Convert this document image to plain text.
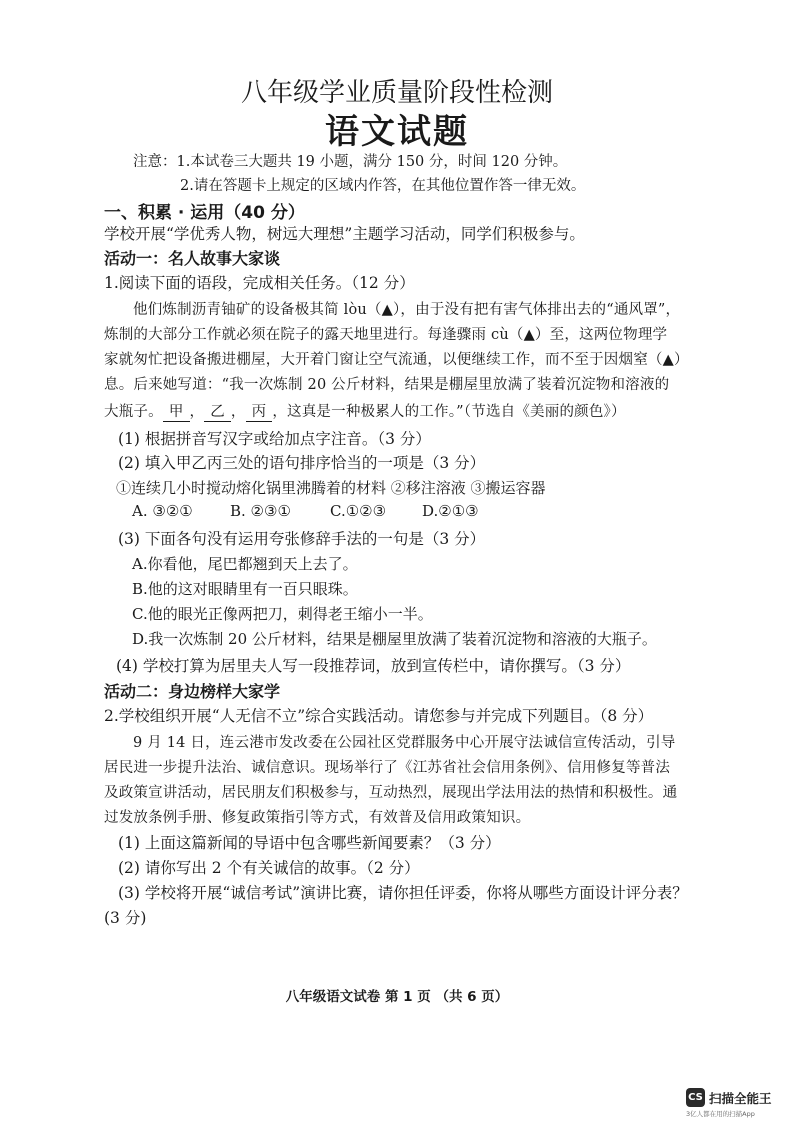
八年级学业质量阶段性检测
语文试题
注意：1.本试卷三大题共 19 小题，满分 150 分，时间 120 分钟。
2.请在答题卡上规定的区域内作答，在其他位置作答一律无效。
一、积累 · 运用（40 分）
学校开展“学优秀人物，树远大理想”主题学习活动，同学们积极参与。
活动一：名人故事大家谈
1.阅读下面的语段，完成相关任务。（12 分）
他们炼制沥青铀矿的设备极其简 lòu（▲），由于没有把有害气体排出去的“通风罩”，
炼制的大部分工作就必须在院子的露天地里进行。每逢骤雨 cù（▲）至，这两位物理学
家就匆忙把设备搬进棚屋，大开着门窗让空气流通，以便继续工作，而不至于因烟窒（▲）
息。后来她写道：“我一次炼制 20 公斤材料，结果是棚屋里放满了装着沉淀物和溶液的
大瓶子。 甲 ， 乙 ， 丙 ，这真是一种极累人的工作。”（节选自《美丽的颜色》）
(1) 根据拼音写汉字或给加点字注音。（3 分）
(2) 填入甲乙丙三处的语句排序恰当的一项是（3 分）
①连续几小时搅动熔化锅里沸腾着的材料 ②移注溶液 ③搬运容器
A. ③②① B. ②③①	C.①②③ D.②①③
(3) 下面各句没有运用夸张修辞手法的一句是（3 分）
A.你看他，尾巴都翘到天上去了。
B.他的这对眼睛里有一百只眼珠。
C.他的眼光正像两把刀，刺得老王缩小一半。
D.我一次炼制 20 公斤材料，结果是棚屋里放满了装着沉淀物和溶液的大瓶子。
(4) 学校打算为居里夫人写一段推荐词，放到宣传栏中，请你撰写。（3 分）
活动二：身边榜样大家学
2.学校组织开展“人无信不立”综合实践活动。请您参与并完成下列题目。（8 分）
9 月 14 日，连云港市发改委在公园社区党群服务中心开展守法诚信宣传活动，引导
居民进一步提升法治、诚信意识。现场举行了《江苏省社会信用条例》、信用修复等普法
及政策宣讲活动，居民朋友们积极参与，互动热烈，展现出学法用法的热情和积极性。通
过发放条例手册、修复政策指引等方式，有效普及信用政策知识。
(1) 上面这篇新闻的导语中包含哪些新闻要素？（3 分）
(2) 请你写出 2 个有关诚信的故事。（2 分）
(3) 学校将开展“诚信考试”演讲比赛，请你担任评委，你将从哪些方面设计评分表？
(3 分)
八年级语文试卷 第 1 页 （共 6 页）
CS 扫描全能王
3亿人都在用的扫描App
